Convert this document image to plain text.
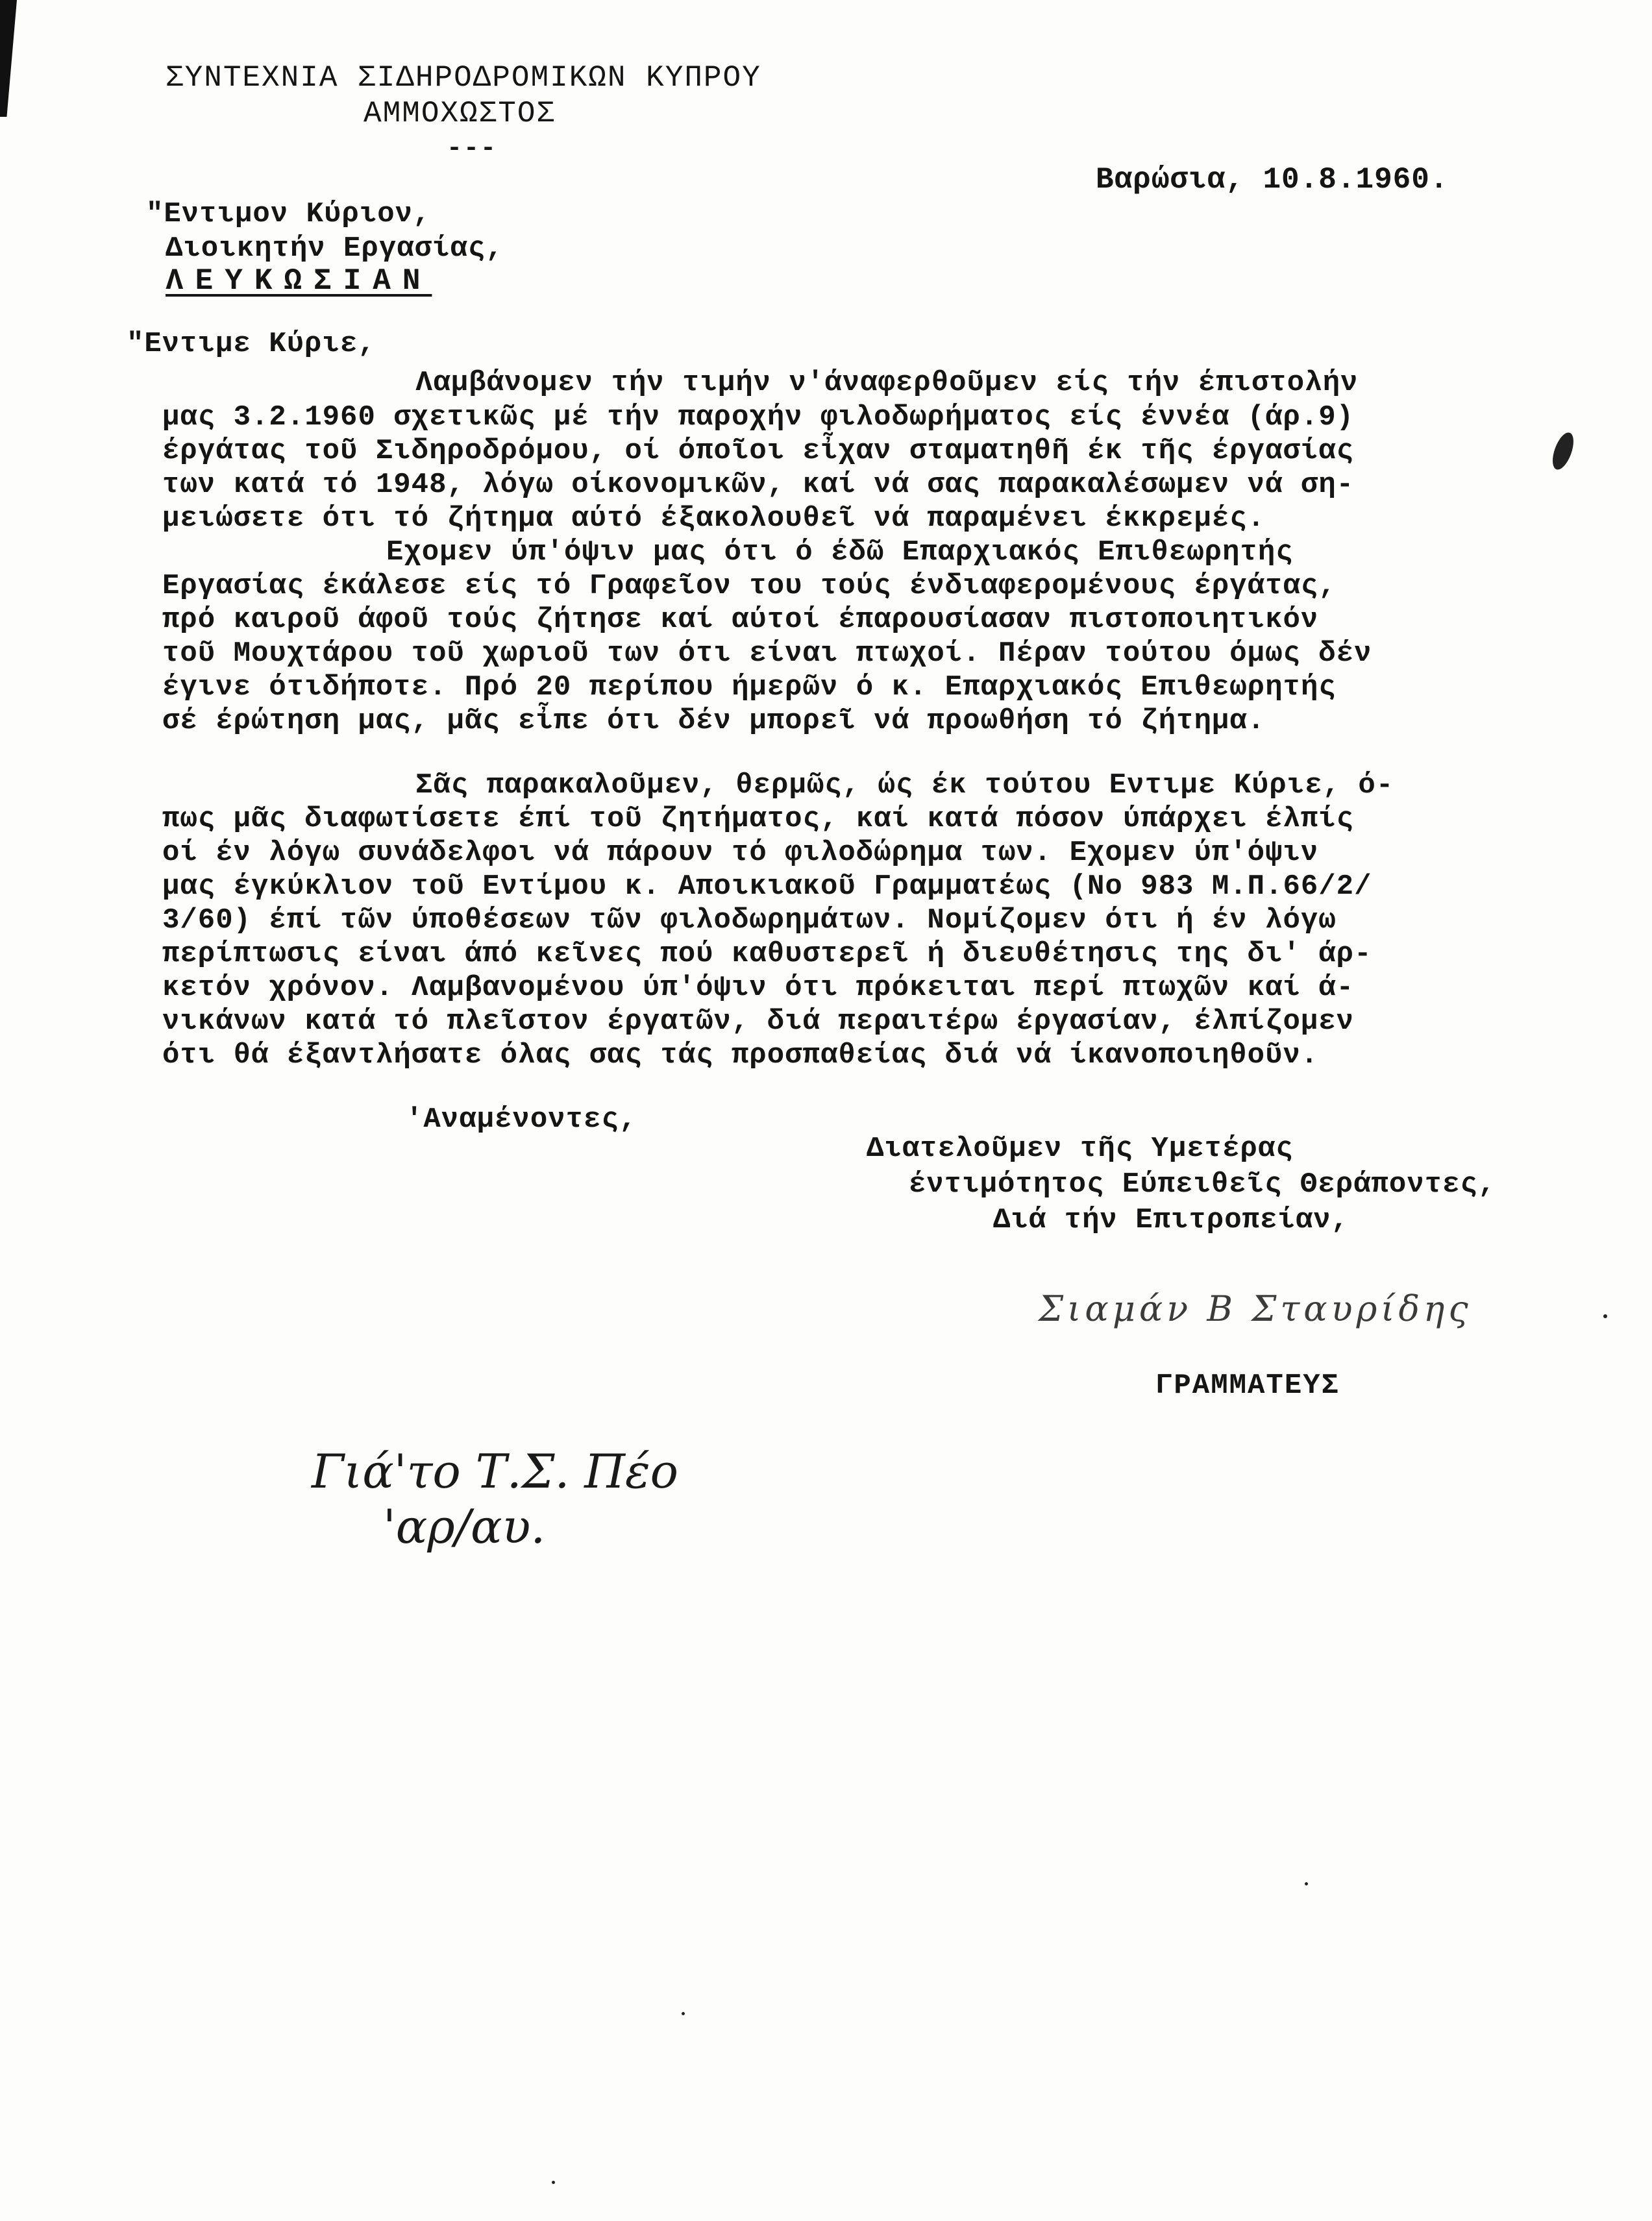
ΣΥΝΤΕΧΝΙΑ ΣΙΔΗΡΟΔΡΟΜΙΚΩΝ ΚΥΠΡΟΥ
ΑΜΜΟΧΩΣΤΟΣ
---
Βαρώσια, 10.8.1960.
"Εντιμον Κύριον,
Διοικητήν Εργασίας,
ΛΕΥΚΩΣΙΑΝ
"Εντιμε Κύριε,
Λαμβάνομεν τήν τιμήν ν'άναφερθοῦμεν είς τήν έπιστολήν
μας 3.2.1960 σχετικῶς μέ τήν παροχήν φιλοδωρήματος είς έννέα (άρ.9)
έργάτας τοῦ Σιδηροδρόμου, οί όποῖοι εἶχαν σταματηθῆ έκ τῆς έργασίας
των κατά τό 1948, λόγω οίκονομικῶν, καί νά σας παρακαλέσωμεν νά ση-
μειώσετε ότι τό ζήτημα αύτό έξακολουθεῖ νά παραμένει έκκρεμές.
Εχομεν ύπ'όψιν μας ότι ό έδῶ Επαρχιακός Επιθεωρητής
Εργασίας έκάλεσε είς τό Γραφεῖον του τούς ένδιαφερομένους έργάτας,
πρό καιροῦ άφοῦ τούς ζήτησε καί αύτοί έπαρουσίασαν πιστοποιητικόν
τοῦ Μουχτάρου τοῦ χωριοῦ των ότι είναι πτωχοί. Πέραν τούτου όμως δέν
έγινε ότιδήποτε. Πρό 20 περίπου ήμερῶν ό κ. Επαρχιακός Επιθεωρητής
σέ έρώτηση μας, μᾶς εἶπε ότι δέν μπορεῖ νά προωθήση τό ζήτημα.
Σᾶς παρακαλοῦμεν, θερμῶς, ώς έκ τούτου Εντιμε Κύριε, ό-
πως μᾶς διαφωτίσετε έπί τοῦ ζητήματος, καί κατά πόσον ύπάρχει έλπίς
οί έν λόγω συνάδελφοι νά πάρουν τό φιλοδώρημα των. Εχομεν ύπ'όψιν
μας έγκύκλιον τοῦ Εντίμου κ. Αποικιακοῦ Γραμματέως (Νο 983 Μ.Π.66/2/
3/60) έπί τῶν ύποθέσεων τῶν φιλοδωρημάτων. Νομίζομεν ότι ή έν λόγω
περίπτωσις είναι άπό κεῖνες πού καθυστερεῖ ή διευθέτησις της δι' άρ-
κετόν χρόνον. Λαμβανομένου ύπ'όψιν ότι πρόκειται περί πτωχῶν καί ά-
νικάνων κατά τό πλεῖστον έργατῶν, διά περαιτέρω έργασίαν, έλπίζομεν
ότι θά έξαντλήσατε όλας σας τάς προσπαθείας διά νά ίκανοποιηθοῦν.
'Αναμένοντες,
Διατελοῦμεν τῆς Υμετέρας
έντιμότητος Εύπειθεῖς Θεράποντες,
Διά τήν Επιτροπείαν,
Σιαμάν Β Σταυρίδης
ΓΡΑΜΜΑΤΕΥΣ
Γιά'το Τ.Σ. Πέο
'αρ/αυ.
